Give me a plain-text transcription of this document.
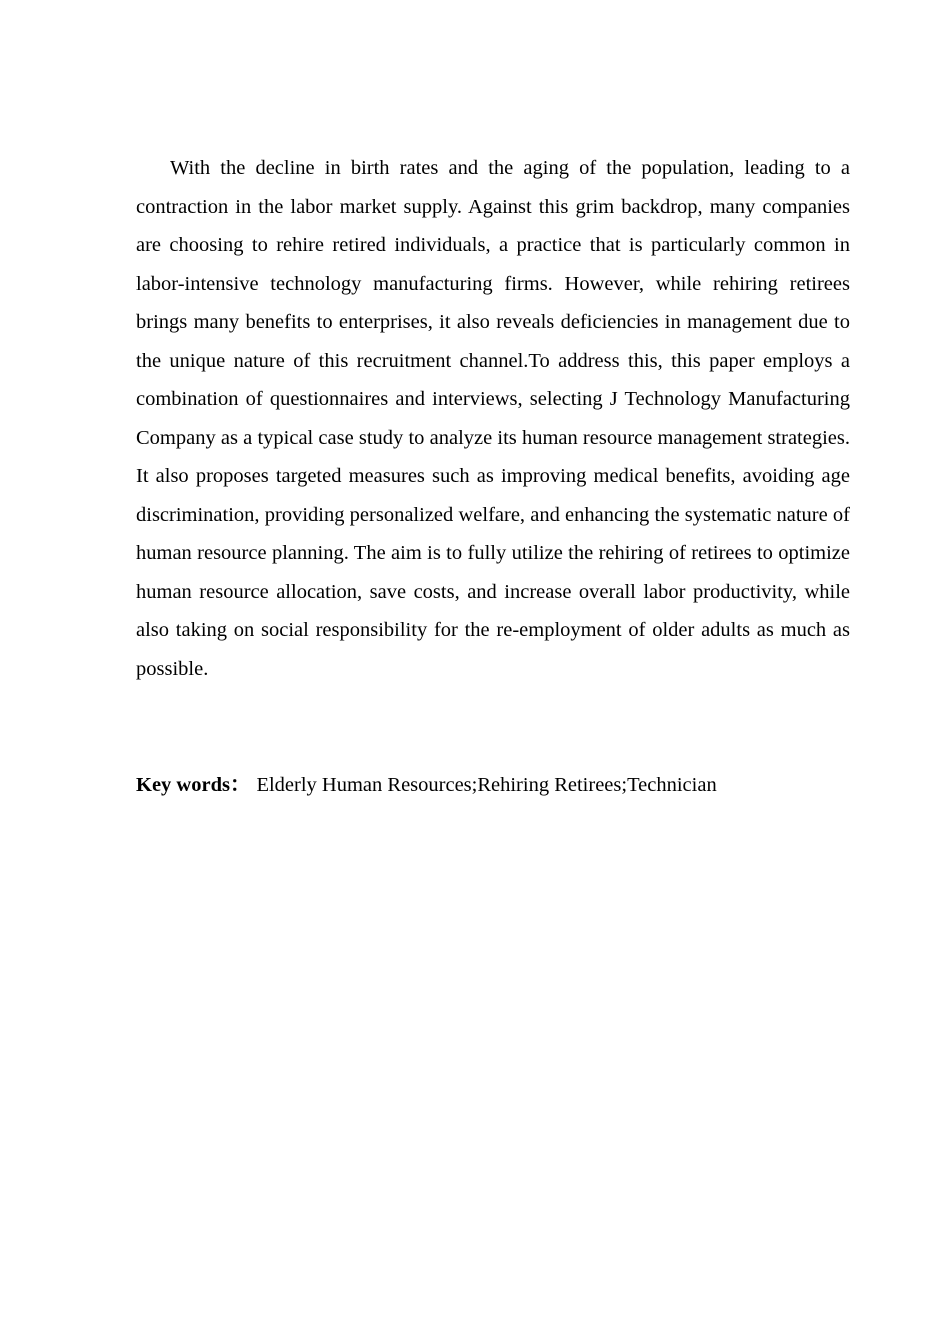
With the decline in birth rates and the aging of the population, leading to a contraction in the labor market supply. Against this grim backdrop, many companies are choosing to rehire retired individuals, a practice that is particularly common in labor-intensive technology manufacturing firms. However, while rehiring retirees brings many benefits to enterprises, it also reveals deficiencies in management due to the unique nature of this recruitment channel.To address this, this paper employs a combination of questionnaires and interviews, selecting J Technology Manufacturing Company as a typical case study to analyze its human resource management strategies. It also proposes targeted measures such as improving medical benefits, avoiding age discrimination, providing personalized welfare, and enhancing the systematic nature of human resource planning. The aim is to fully utilize the rehiring of retirees to optimize human resource allocation, save costs, and increase overall labor productivity, while also taking on social responsibility for the re-employment of older adults as much as possible.

Key words： Elderly Human Resources;Rehiring Retirees;Technician
